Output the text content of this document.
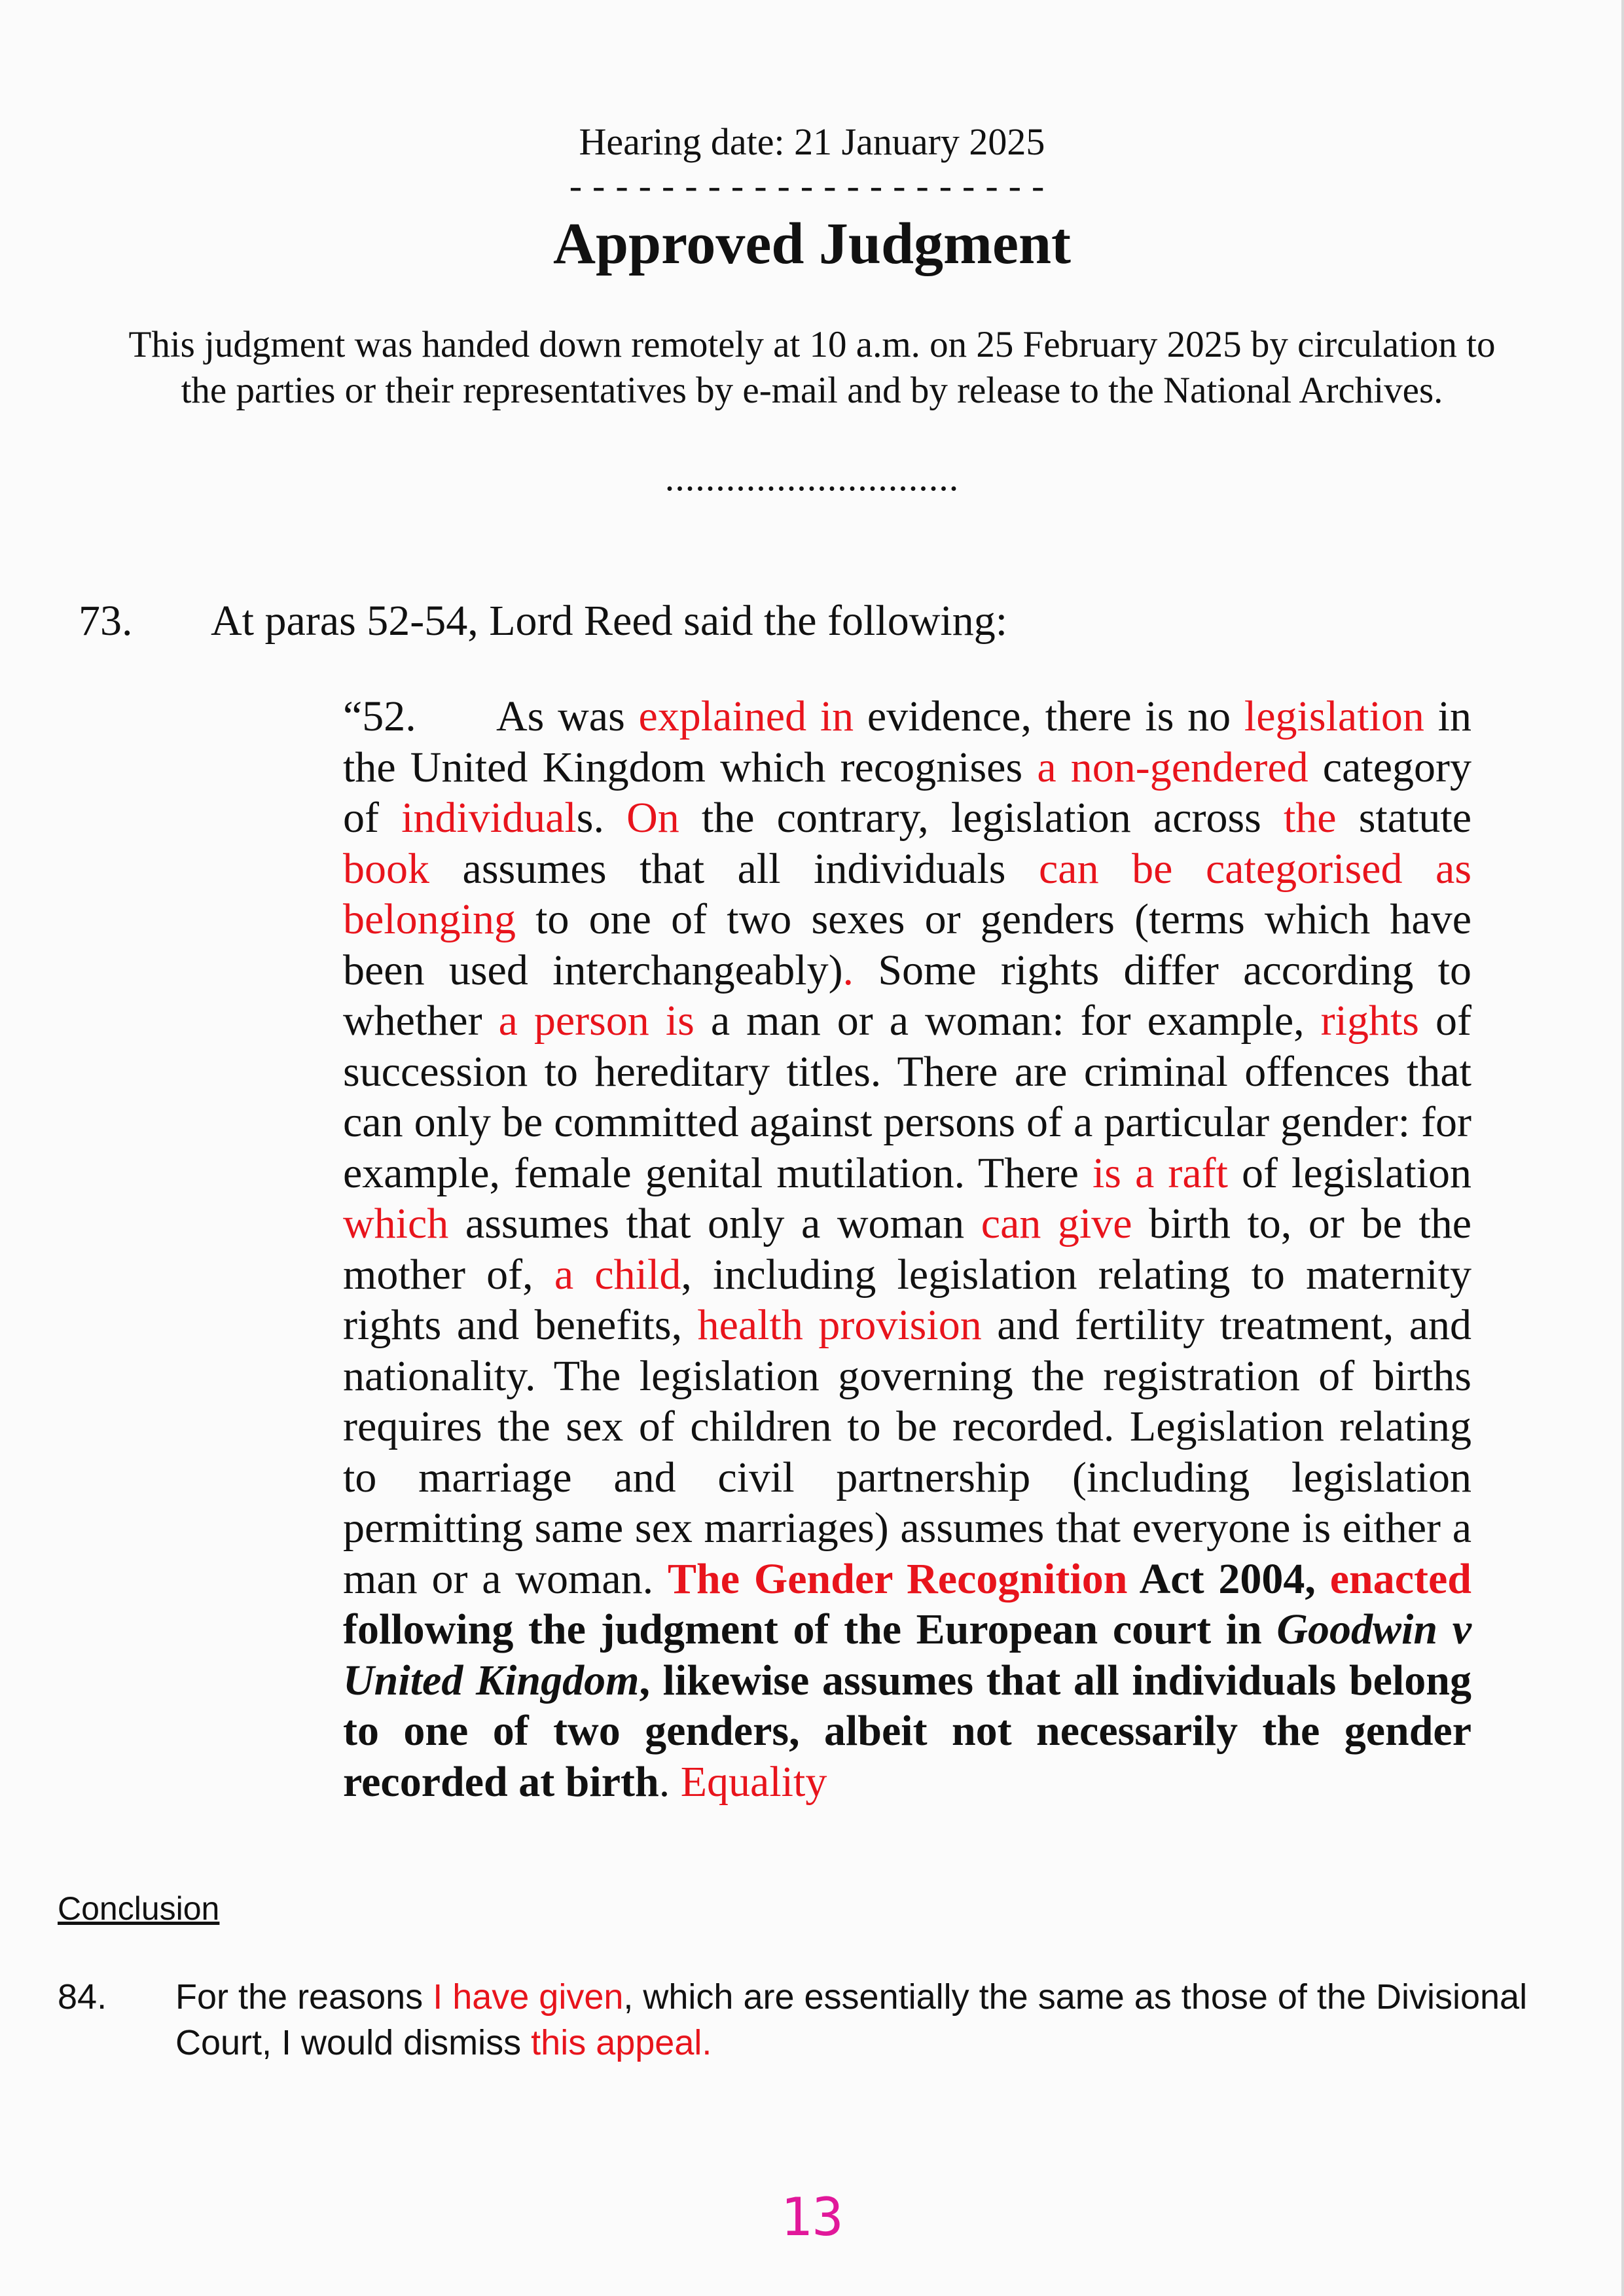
Hearing date: 21 January 2025
---------------------
Approved Judgment
This judgment was handed down remotely at 10 a.m. on 25 February 2025 by circulation to
the parties or their representatives by e-mail and by release to the National Archives.
.............................
73. At paras 52-54, Lord Reed said the following:
“52. As was explained in evidence, there is no legislation in the United Kingdom which recognises a non-gendered category of individuals. On the contrary, legislation across the statute book assumes that all individuals can be categorised as belonging to one of two sexes or genders (terms which have been used interchangeably). Some rights differ according to whether a person is a man or a woman: for example, rights of succession to hereditary titles. There are criminal offences that can only be committed against persons of a particular gender: for example, female genital mutilation. There is a raft of legislation which assumes that only a woman can give birth to, or be the mother of, a child, including legislation relating to maternity rights and benefits, health provision and fertility treatment, and nationality. The legislation governing the registration of births requires the sex of children to be recorded. Legislation relating to marriage and civil partnership (including legislation permitting same sex marriages) assumes that everyone is either a man or a woman. The Gender Recognition Act 2004, enacted following the judgment of the European court in Goodwin v United Kingdom, likewise assumes that all individuals belong to one of two genders, albeit not necessarily the gender recorded at birth. Equality
Conclusion
84. For the reasons I have given, which are essentially the same as those of the Divisional Court, I would dismiss this appeal.
13
